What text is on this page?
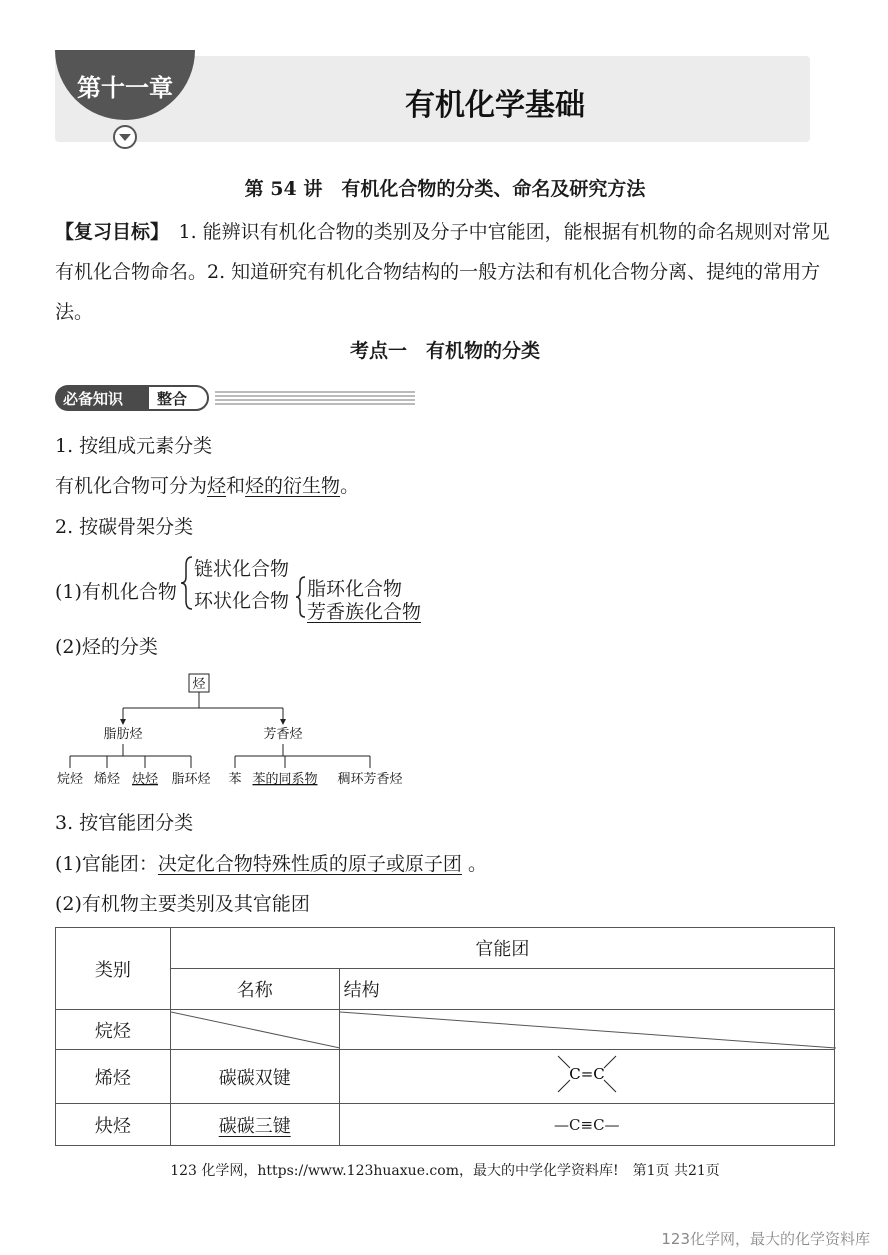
第十一章	有机化学基础
第 54 讲　有机化合物的分类、命名及研究方法
【复习目标】　1. 能辨识有机化合物的类别及分子中官能团，能根据有机物的命名规则对常见有机化合物命名。2. 知道研究有机化合物结构的一般方法和有机化合物分离、提纯的常用方法。
考点一　有机物的分类
必备知识 整合
1. 按组成元素分类
有机化合物可分为烃和烃的衍生物。
2. 按碳骨架分类
(1)有机化合物
链状化合物
环状化合物
脂环化合物
芳香族化合物
(2)烃的分类
烃
脂肪烃	芳香烃
烷烃 烯烃 炔烃 脂环烃 苯 苯的同系物 稠环芳香烃
3. 按官能团分类
(1)官能团：决定化合物特殊性质的原子或原子团 。
(2)有机物主要类别及其官能团
类别	官能团	
	名称	结构
烷烃	

烯烃	碳碳双键	C=C

炔烃	碳碳三键	—C≡C—
123 化学网，https://www.123huaxue.com，最大的中学化学资料库!　第1页 共21页
123化学网，最大的化学资料库
